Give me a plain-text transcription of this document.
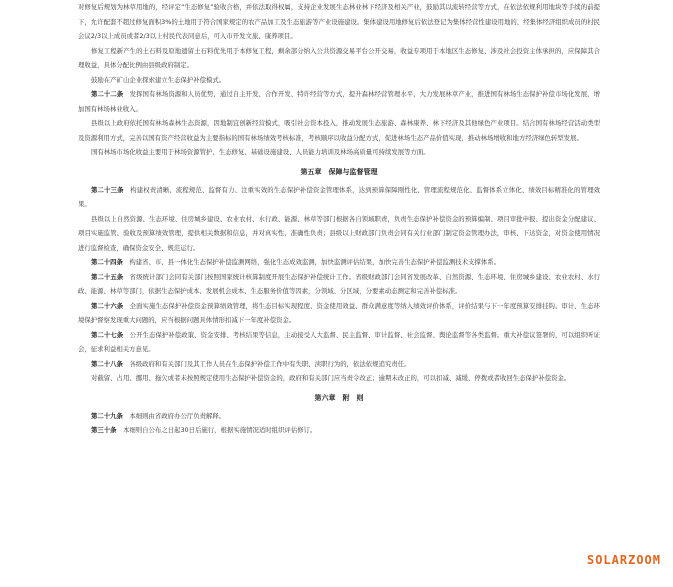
对修复后规划为林草用地的，经评定“生态修复”验收合格，并依法取得权属，支持企业发展生态林业林下经济及相关产业，鼓励其以流转经营等方式，在依法依规利用地块等手续的前提下，允许配套不超过修复面积3%的土地用于符合国家规定的农产品加工及生态旅游等产业设施建设。集体建设用地修复后依法登记为集体经营性建设用地的，经集体经济组织成员的村民会议2/3以上成员或者2/3以上村民代表同意后，可入市开发文旅、康养项目。

修复工程新产生的土石料及原地遗留土石料优先用于本修复工程，剩余部分纳入公共资源交易平台公开交易，收益专项用于本地区生态修复、涉及社会投资主体承担的，应保障其合理收益，具体分配比例由县级政府制定。

鼓励在产矿山企业探索建立生态保护补偿模式。

第二十二条　 发挥国有林场资源和人员优势，通过自主开发、合作开发、特许经营等方式，提升森林经营管理水平，大力发展林草产业，推进国有林场生态保护补偿市场化发展，增加国有林场林业收入。

县级以上政府依托国有林场森林生态资源，因地制宜创新经营模式，吸引社会资本投入，推动发展生态旅游、森林康养、林下经济及其他绿色产业项目。结合国有林场经营活动类型及资源利用方式，完善以国有资产经营收益为主要指标的国有林场绩效考核标准，考核顺序以收益分配方式，促进林场生态产品价值实现，推动林场增收和地方经济绿色转型发展。

国有林场市场化收益主要用于林场资源管护、生态修复、基础设施建设、人员能力培训及林场高质量可持续发展等方面。

第五章　保障与监督管理

第二十三条　 构建权责清晰、流程规范、监督有力、注重实效的生态保护补偿资金管理体系，达到预算保障刚性化、管理流程规范化、监督体系立体化、绩效目标精准化的管理效果。

县级以上自然资源、生态环境、住房城乡建设、农业农村、水行政、能源、林草等部门根据各自领域职责，负责生态保护补偿资金的预算编制、项目审批申报、提出资金分配建议、项目实施监管、验收及预算绩效管理，提供相关数据和信息，并对真实性、准确性负责；县级以上财政部门负责会同有关行业部门制定资金管理办法，审核、下达资金，对资金使用情况进行监督检查，确保资金安全、规范运行。

第二十四条　 构建省、市、县一体化生态保护补偿监测网络，强化生态成效监测，加快监测评估结果，加快完善生态保护补偿监测技术支撑体系。

第二十五条　 省级统计部门会同有关部门按照国家统计核算制度开展生态保护补偿统计工作。省级财政部门会同省发展改革、自然资源、生态环境、住房城乡建设、农业农村、水行政、能源、林草等部门，依据生态保护成本、发展机会成本、生态服务价值等因素，分领域、分区域，分要素动态测定和完善补偿标准。

第二十六条　 全面实施生态保护补偿资金预算绩效管理，将生态目标实现程度、资金使用效益、群众满意度等纳入绩效评价体系，评价结果与下一年度预算安排挂钩。审计、生态环境保护督察发现重大问题的，应当根据问题具体情形扣减下一年度补偿资金。

第二十七条　 公开生态保护补偿政策、资金安排、考核结果等信息，主动接受人大监督、民主监督、审计监督、社会监督、舆论监督等各类监督。重大补偿议签署的，可以组织听证会，征求利益相关方意见。

第二十八条　 各级政府和有关部门及其工作人员在生态保护补偿工作中有失职、渎职行为的，依法依规追究责任。

对截留、占用、挪用、拖欠或者未按照规定使用生态保护补偿资金的，政府和有关部门应当责令改正；逾期未改正的，可以扣减、减缓、停拨或者收回生态保护补偿资金。

第六章　附　则

第二十九条　 本细则由省政府办公厅负责解释。

第三十条　 本细则自公布之日起30日后施行，根据实施情况适时组织评估修订。

SOLARZOOM
